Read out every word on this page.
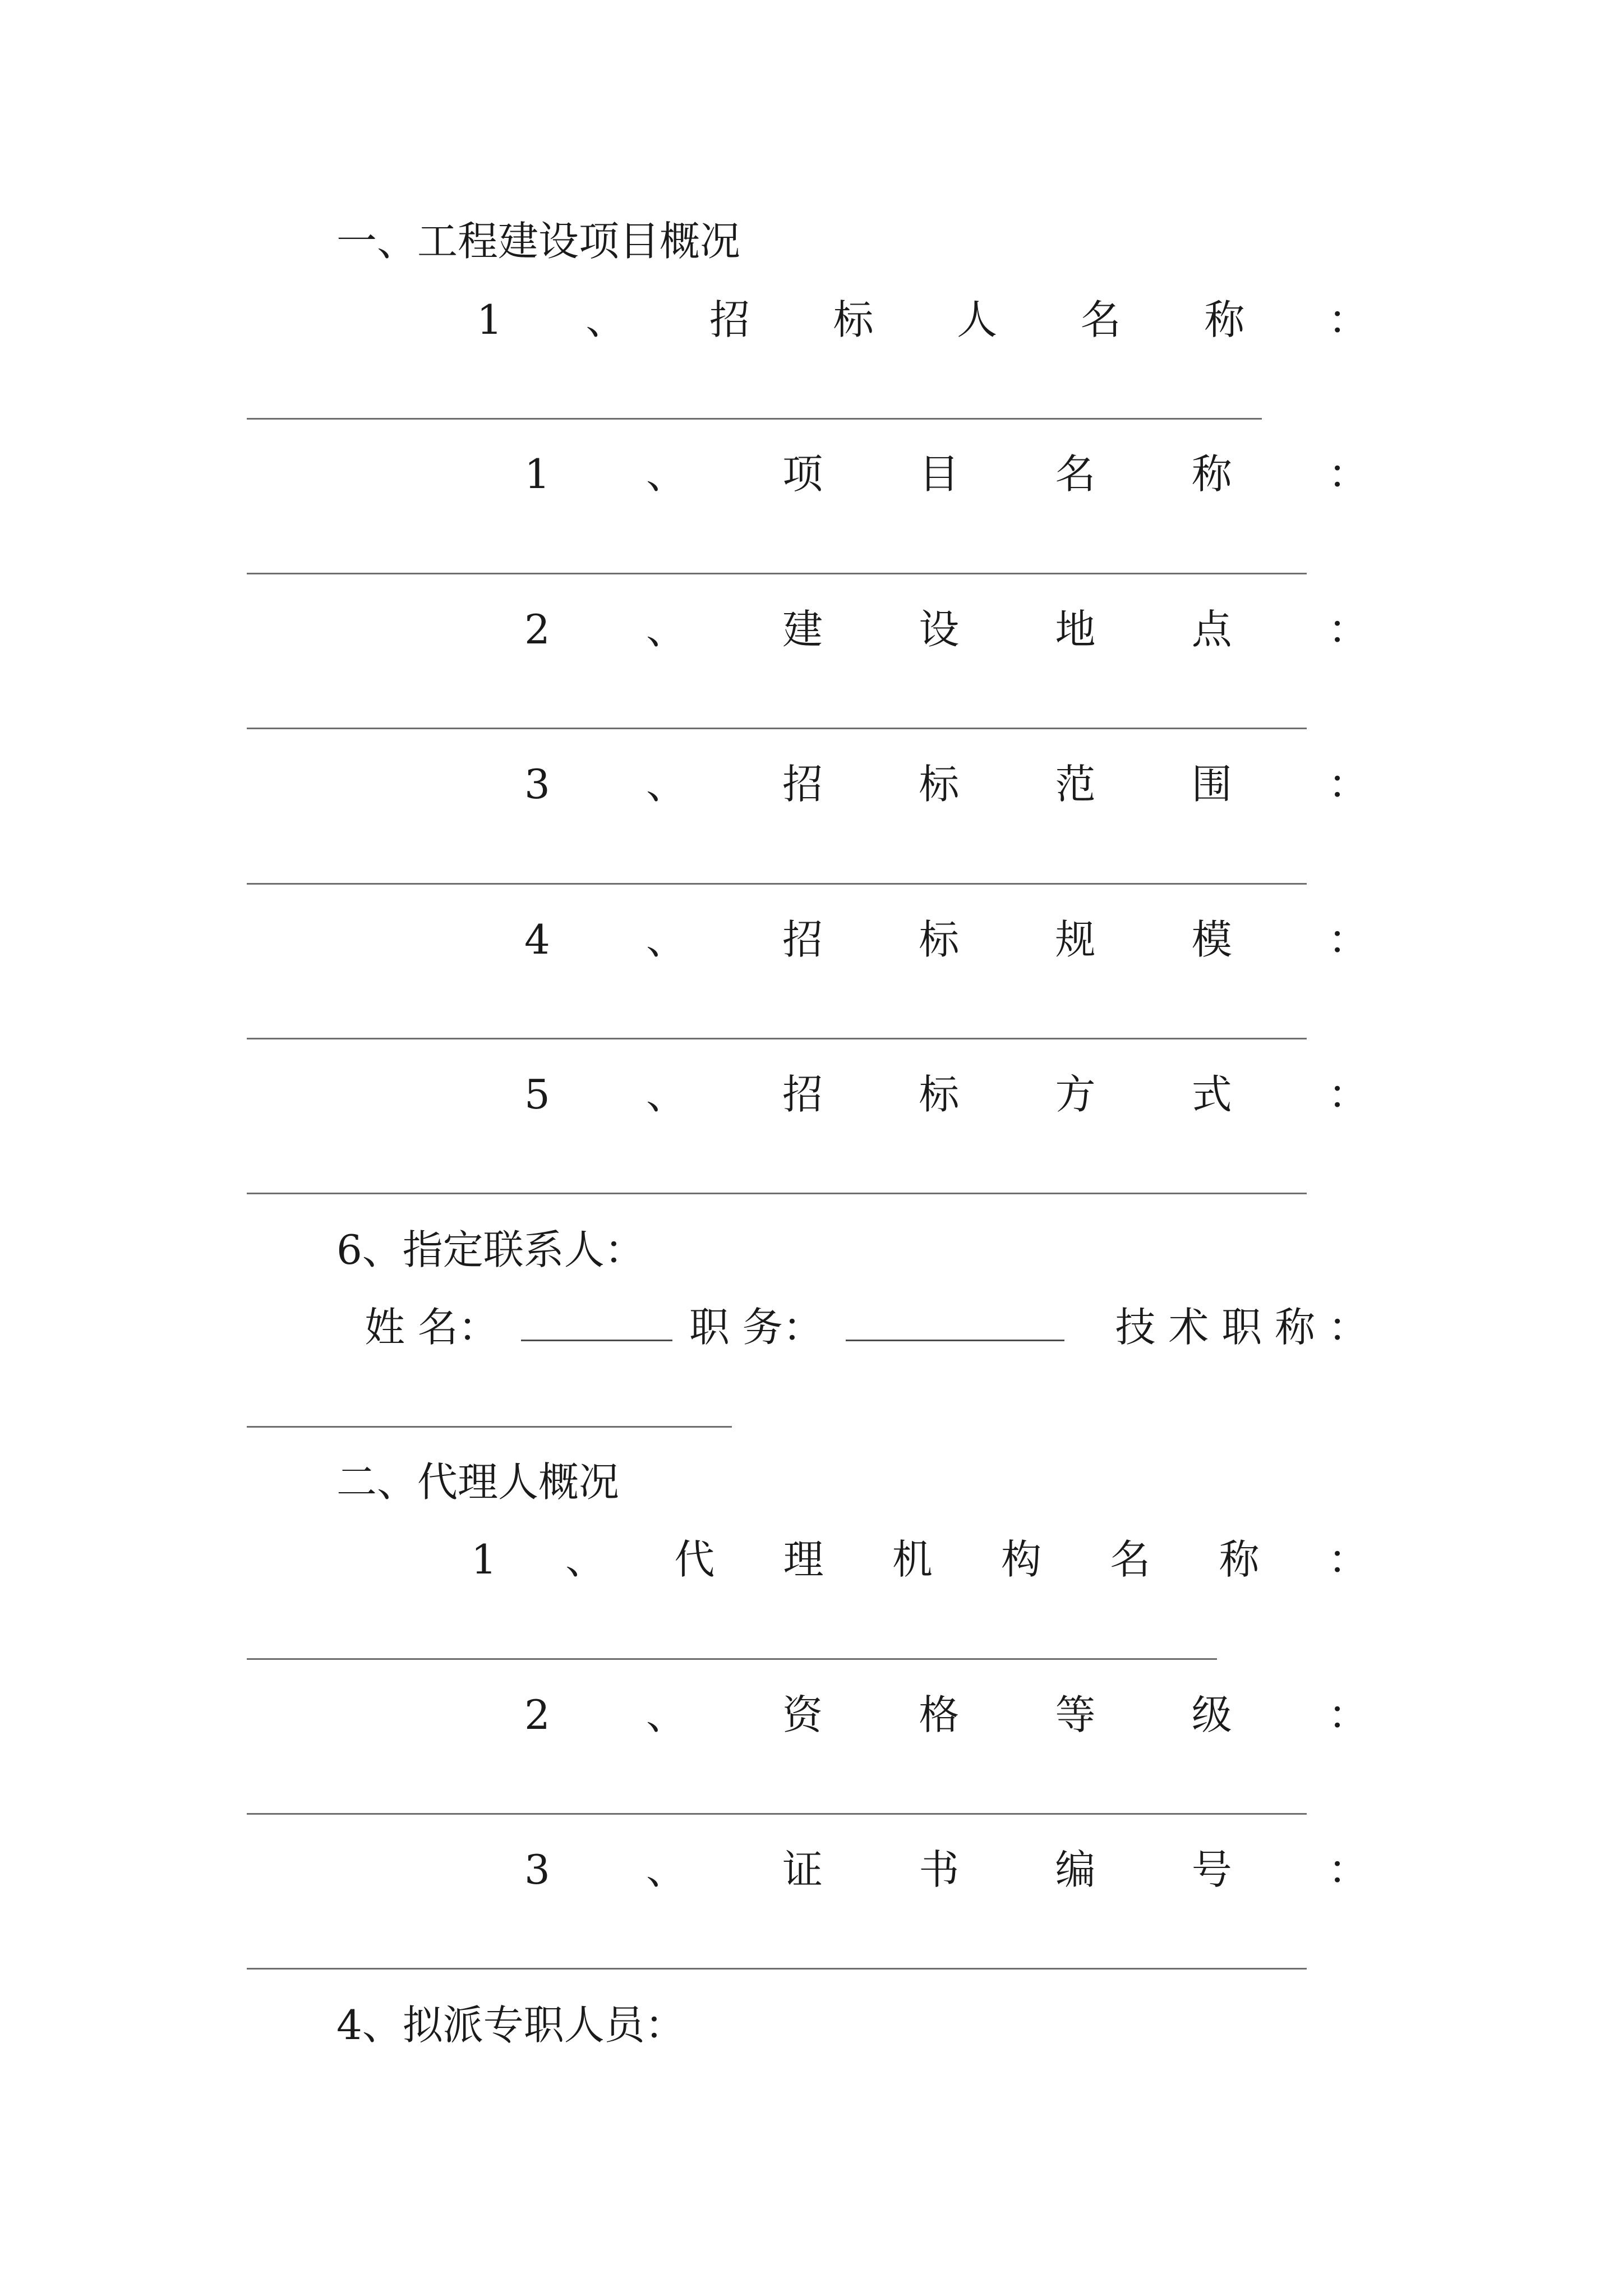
一、工程建设项目概况
1 、 招 标 人 名 称 ：
1 、 项 目 名 称 ：
2 、 建 设 地 点 ：
3 、 招 标 范 围 ：
4 、 招 标 规 模 ：
5 、 招 标 方 式 ：
6、指定联系人：
姓 名：	职 务：	技 术 职 称 ：
二、代理人概况
1 、 代 理 机 构 名 称 ：
2 、 资 格 等 级 ：
3 、 证 书 编 号 ：
4、拟派专职人员：
